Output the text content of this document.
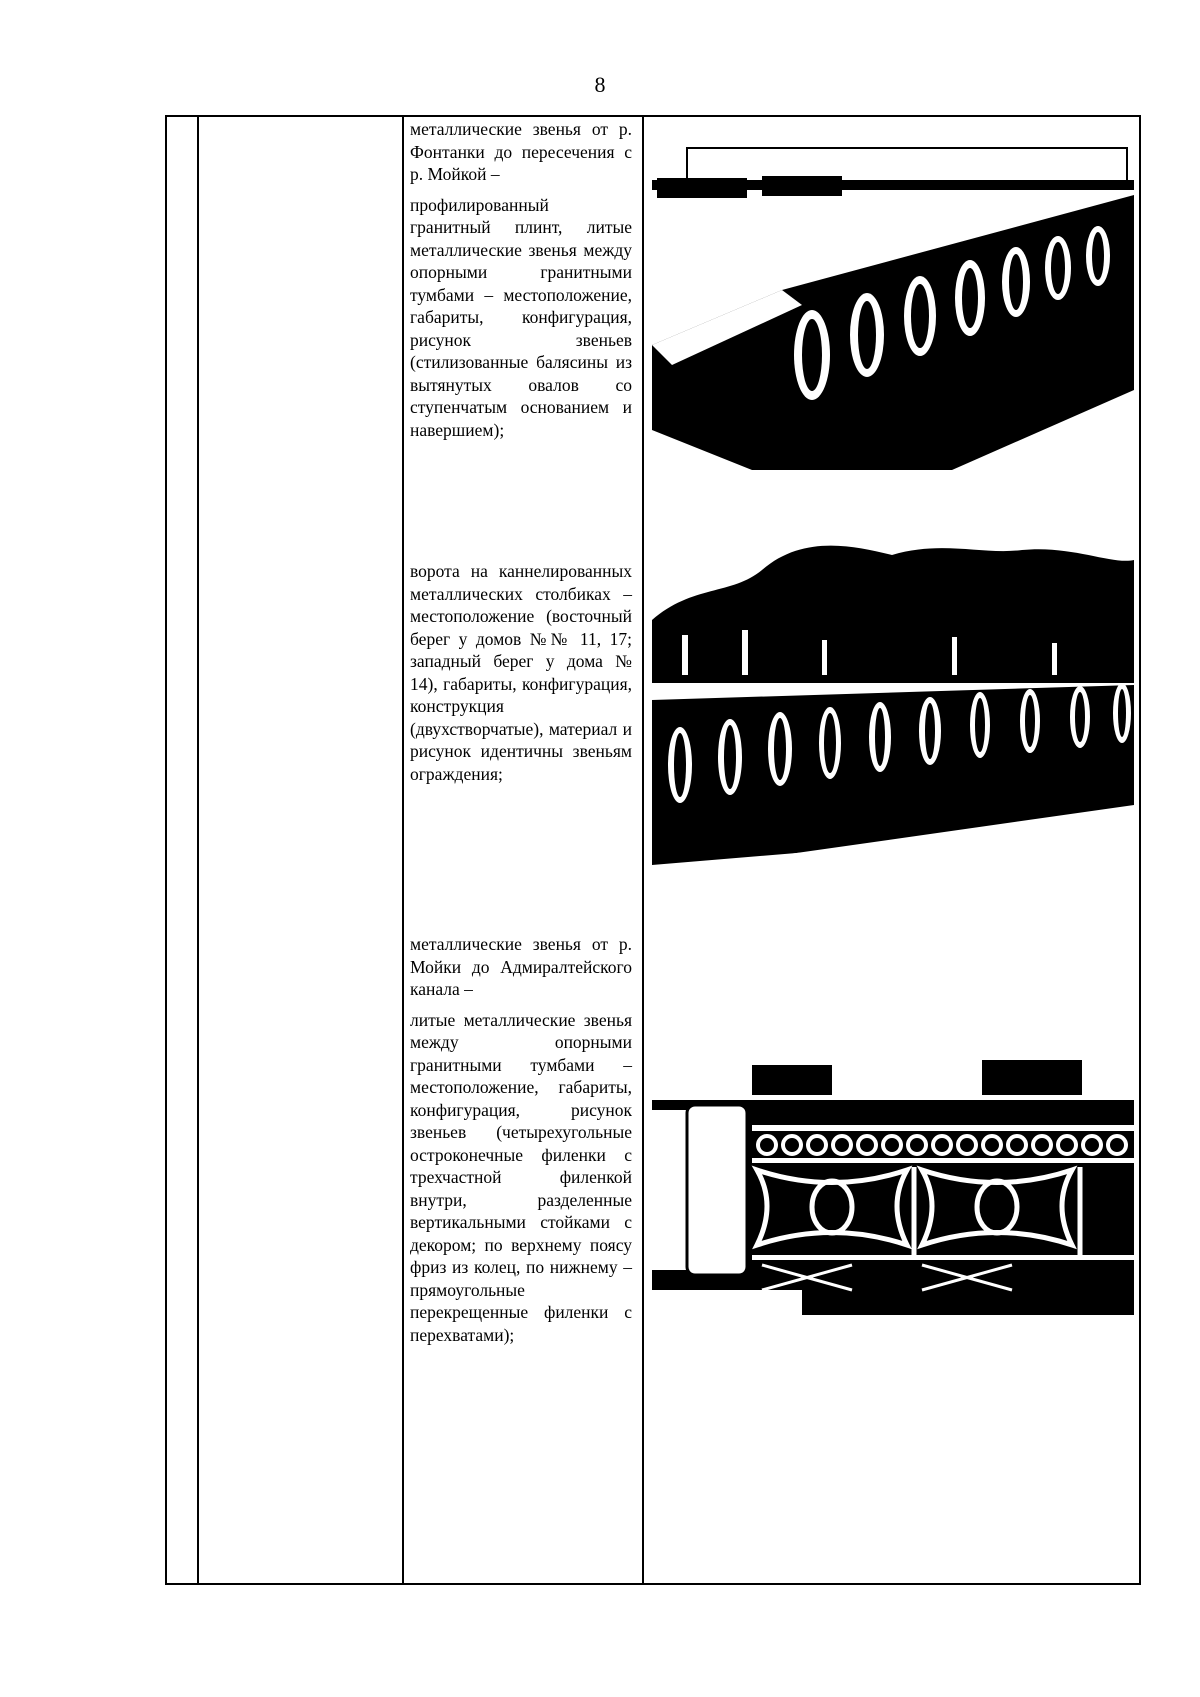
8
металлические звенья от р. Фонтанки до пересечения с р. Мойкой –
профилированный гранитный плинт, литые металлические звенья между опорными гранитными тумбами – местоположение, габариты, конфигурация, рисунок звеньев (стилизованные балясины из вытянутых овалов со ступенчатым основанием и навершием);
ворота на каннелированных металлических столбиках – местоположение (восточный берег у домов №№ 11, 17; западный берег у дома № 14), габариты, конфигурация, конструкция (двухстворчатые), материал и рисунок идентичны звеньям ограждения;
металлические звенья от р. Мойки до Адмиралтейского канала –
литые металлические звенья между опорными гранитными тумбами – местоположение, габариты, конфигурация, рисунок звеньев (четырехугольные остроконечные филенки с трехчастной филенкой внутри, разделенные вертикальными стойками с декором; по верхнему поясу фриз из колец, по нижнему – прямоугольные перекрещенные филенки с перехватами);
